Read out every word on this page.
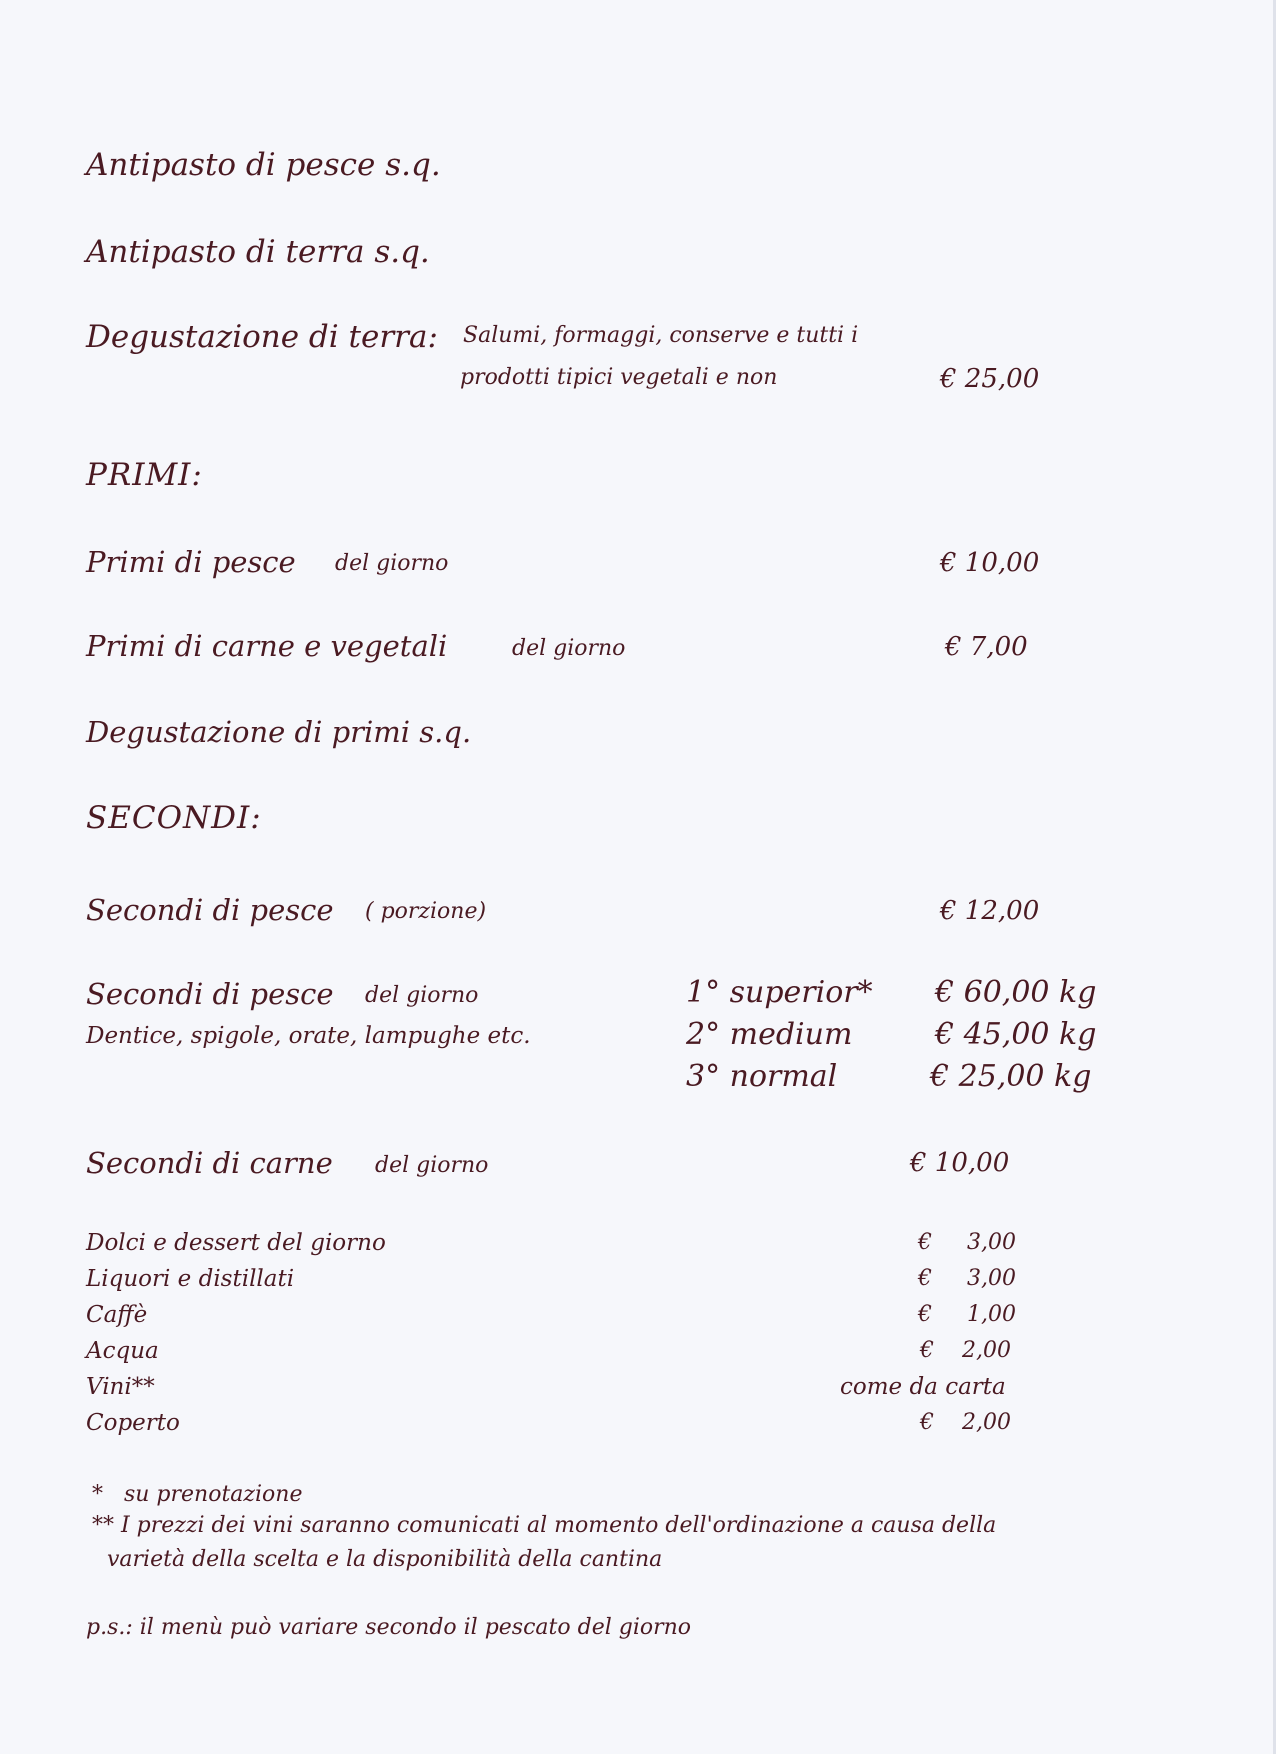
Antipasto di pesce s.q.
Antipasto di terra s.q.
Degustazione di terra: Salumi, formaggi, conserve e tutti i
prodotti tipici vegetali e non	€ 25,00
PRIMI:
Primi di pesce del giorno	€ 10,00
Primi di carne e vegetali	del giorno	€ 7,00
Degustazione di primi s.q.
SECONDI:
Secondi di pesce ( porzione)	€ 12,00
Secondi di pesce del giorno
Dentice, spigole, orate, lampughe etc.
1° superior* € 60,00 kg
2° medium	€ 45,00 kg
3° normal	€ 25,00 kg
Secondi di carne del giorno	€ 10,00
Dolci e dessert del giorno	€     3,00
Liquori e distillati	€     3,00
Caffè	€     1,00
Acqua	€    2,00
Vini**	come da carta
Coperto	€    2,00
*   su prenotazione
** I prezzi dei vini saranno comunicati al momento dell'ordinazione a causa della
varietà della scelta e la disponibilità della cantina
p.s.: il menù può variare secondo il pescato del giorno
